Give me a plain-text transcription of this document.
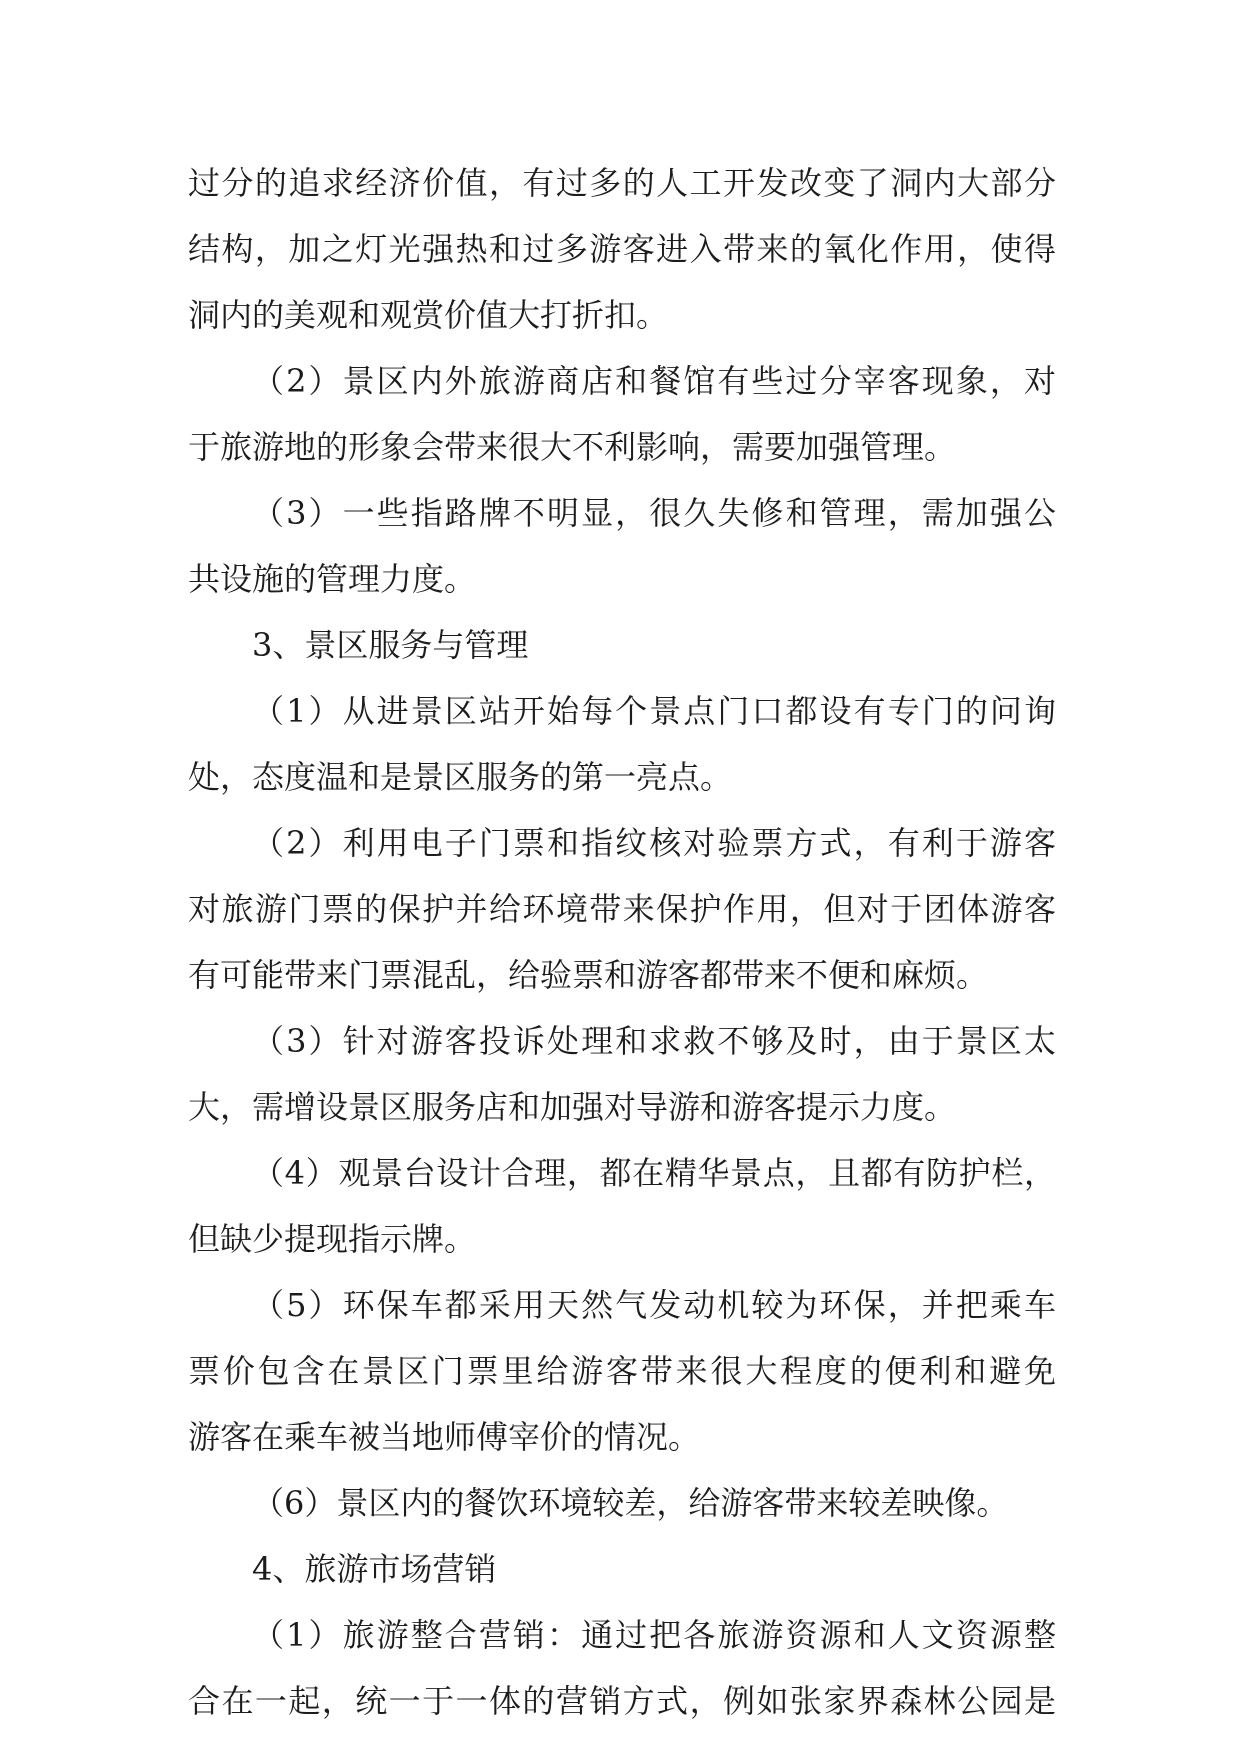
过分的追求经济价值，有过多的人工开发改变了洞内大部分
结构，加之灯光强热和过多游客进入带来的氧化作用，使得
洞内的美观和观赏价值大打折扣。
（2）景区内外旅游商店和餐馆有些过分宰客现象，对
于旅游地的形象会带来很大不利影响，需要加强管理。
（3）一些指路牌不明显，很久失修和管理，需加强公
共设施的管理力度。
3、景区服务与管理
（1）从进景区站开始每个景点门口都设有专门的问询
处，态度温和是景区服务的第一亮点。
（2）利用电子门票和指纹核对验票方式，有利于游客
对旅游门票的保护并给环境带来保护作用，但对于团体游客
有可能带来门票混乱，给验票和游客都带来不便和麻烦。
（3）针对游客投诉处理和求救不够及时，由于景区太
大，需增设景区服务店和加强对导游和游客提示力度。
（4）观景台设计合理，都在精华景点，且都有防护栏，
但缺少提现指示牌。
（5）环保车都采用天然气发动机较为环保，并把乘车
票价包含在景区门票里给游客带来很大程度的便利和避免
游客在乘车被当地师傅宰价的情况。
（6）景区内的餐饮环境较差，给游客带来较差映像。
4、旅游市场营销
（1）旅游整合营销：通过把各旅游资源和人文资源整
合在一起，统一于一体的营销方式，例如张家界森林公园是
